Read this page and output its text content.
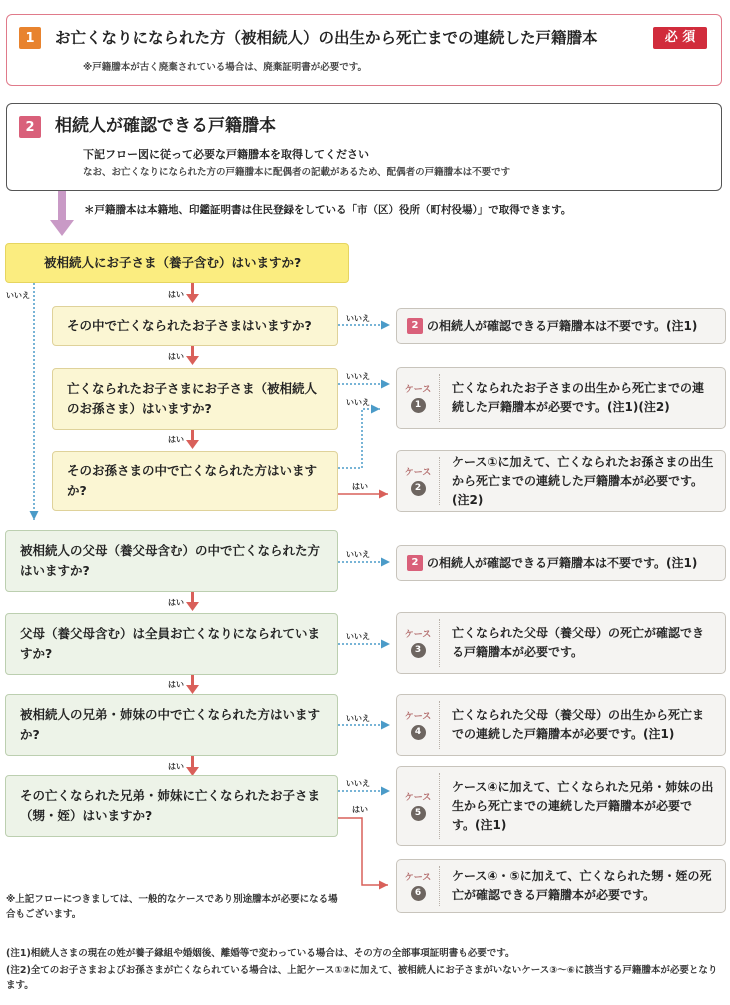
1	お亡くなりになられた方（被相続人）の出生から死亡までの連続した戸籍謄本	必 須
※戸籍謄本が古く廃棄されている場合は、廃棄証明書が必要です。
2	相続人が確認できる戸籍謄本
下記フロー図に従って必要な戸籍謄本を取得してください
なお、お亡くなりになられた方の戸籍謄本に配偶者の記載があるため、配偶者の戸籍謄本は不要です
＊戸籍謄本は本籍地、印鑑証明書は住民登録をしている「市（区）役所（町村役場）」で取得できます。
被相続人にお子さま（養子含む）はいますか?
いいえ	はい
はい
はい
はい
はい
はい
いいえ
いいえ
いいえ
はい
いいえ
いいえ
いいえ
いいえ
はい
その中で亡くなられたお子さまはいますか?
亡くなられたお子さまにお子さま（被相続人のお孫さま）はいますか?
そのお孫さまの中で亡くなられた方はいますか?
被相続人の父母（養父母含む）の中で亡くなられた方はいますか?
父母（養父母含む）は全員お亡くなりになられていますか?
被相続人の兄弟・姉妹の中で亡くなられた方はいますか?
その亡くなられた兄弟・姉妹に亡くなられたお子さま（甥・姪）はいますか?
2 の相続人が確認できる戸籍謄本は不要です。(注1)
ケース
1
亡くなられたお子さまの出生から死亡までの連続した戸籍謄本が必要です。(注1)(注2)
ケース
2
ケース①に加えて、亡くなられたお孫さまの出生から死亡までの連続した戸籍謄本が必要です。(注2)
2 の相続人が確認できる戸籍謄本は不要です。(注1)
ケース
3
亡くなられた父母（養父母）の死亡が確認できる戸籍謄本が必要です。
ケース
4
亡くなられた父母（養父母）の出生から死亡までの連続した戸籍謄本が必要です。(注1)
ケース
5
ケース④に加えて、亡くなられた兄弟・姉妹の出生から死亡までの連続した戸籍謄本が必要です。(注1)
ケース
6
ケース④・⑤に加えて、亡くなられた甥・姪の死亡が確認できる戸籍謄本が必要です。
※上記フローにつきましては、一般的なケースであり別途謄本が必要になる場合もございます。
(注1)相続人さまの現在の姓が養子縁組や婚姻後、離婚等で変わっている場合は、その方の全部事項証明書も必要です。
(注2)全てのお子さまおよびお孫さまが亡くなられている場合は、上記ケース①②に加えて、被相続人にお子さまがいないケース③〜⑥に該当する戸籍謄本が必要となります。
